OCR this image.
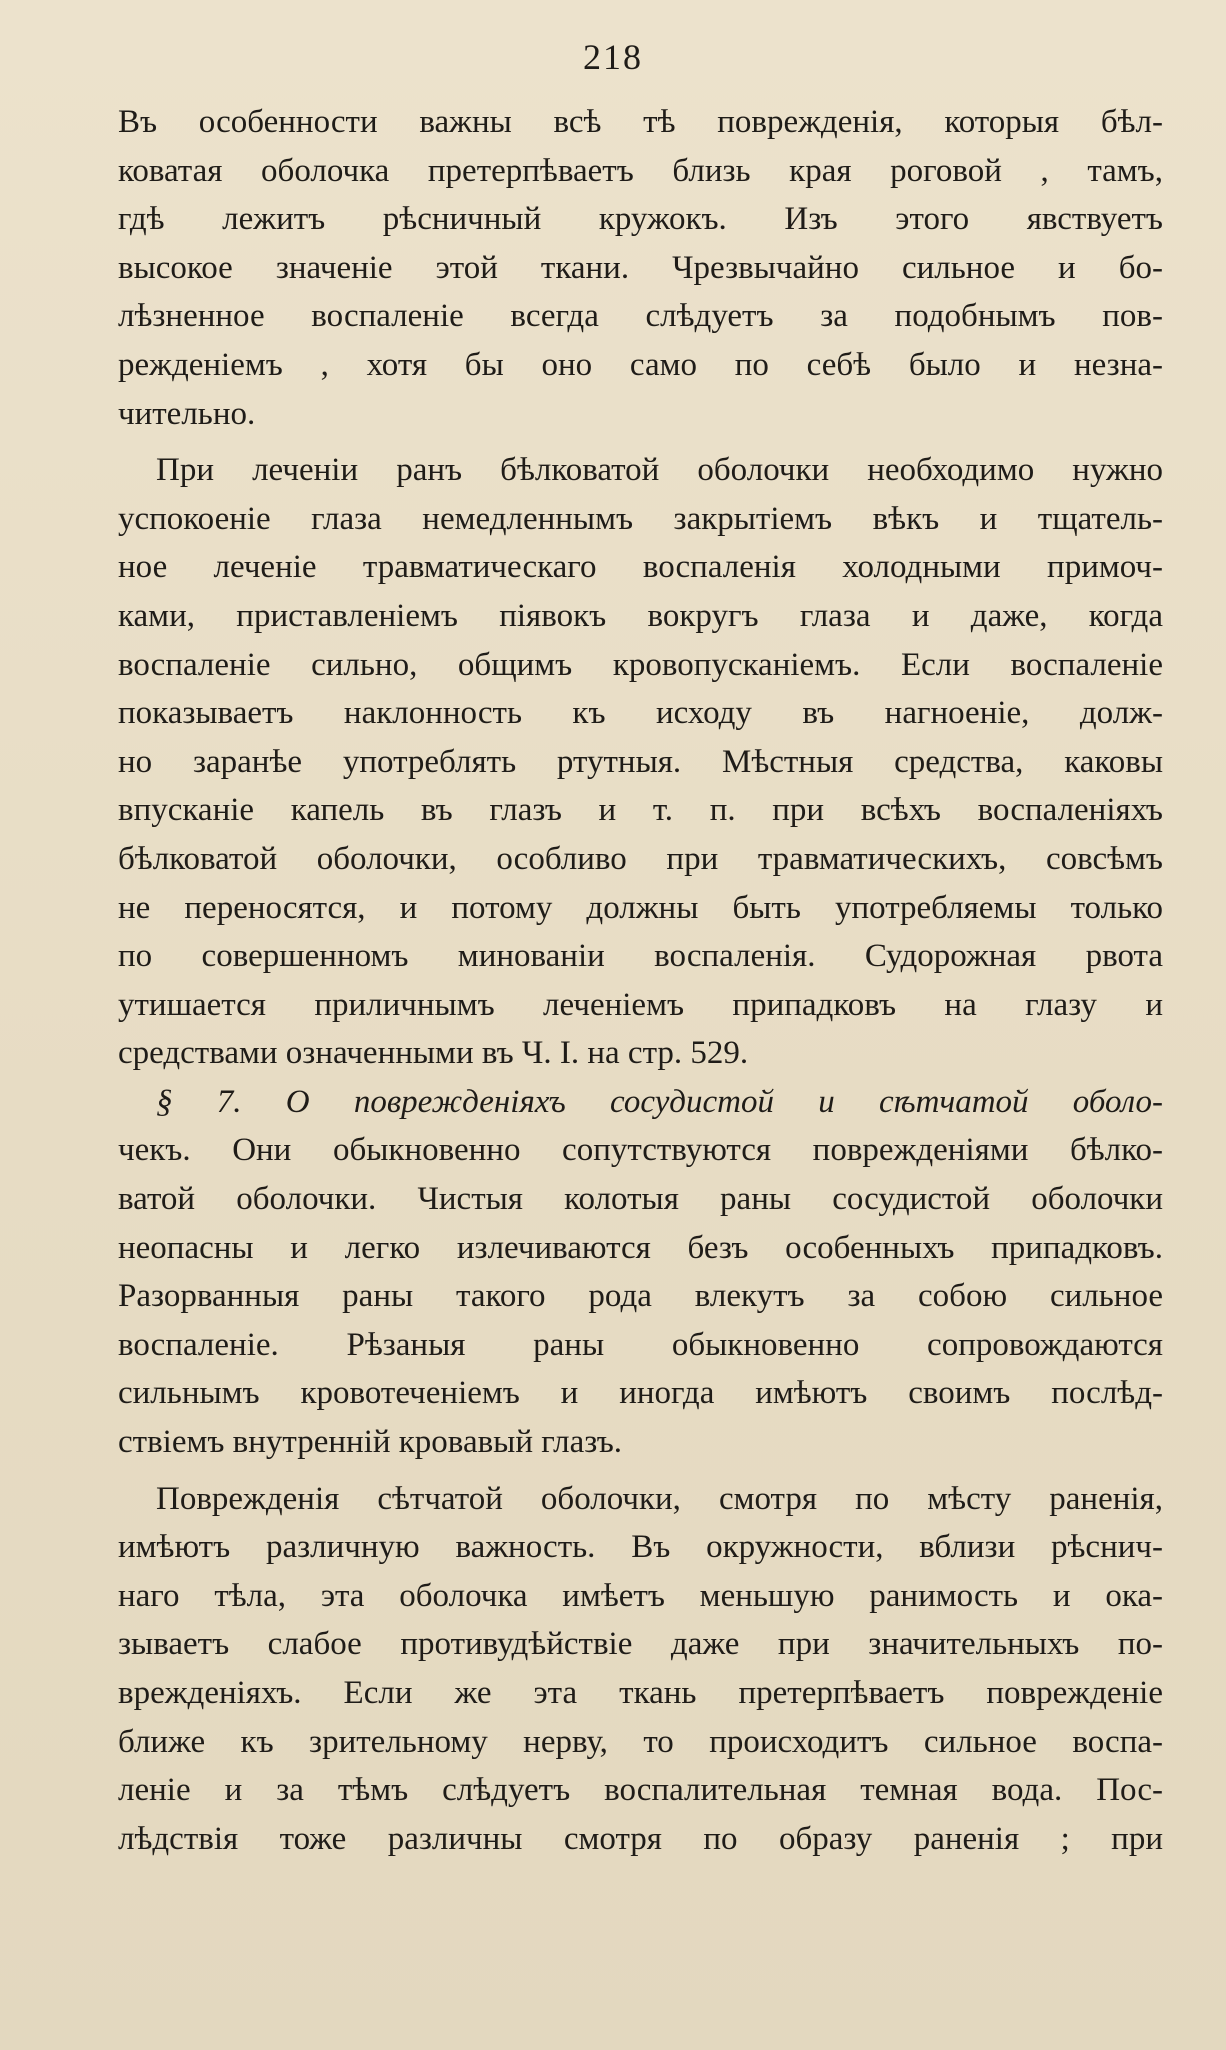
218
Въ особенности важны всѣ тѣ поврежденія, которыя бѣл-
коватая оболочка претерпѣваетъ близь края роговой , тамъ,
гдѣ лежитъ рѣсничный кружокъ. Изъ этого явствуетъ
высокое значеніе этой ткани. Чрезвычайно сильное и бо-
лѣзненное воспаленіе всегда слѣдуетъ за подобнымъ пов-
режденіемъ , хотя бы оно само по себѣ было и незна-
чительно.
При леченіи ранъ бѣлковатой оболочки необходимо нужно
успокоеніе глаза немедленнымъ закрытіемъ вѣкъ и тщатель-
ное леченіе травматическаго воспаленія холодными примоч-
ками, приставленіемъ піявокъ вокругъ глаза и даже, когда
воспаленіе сильно, общимъ кровопусканіемъ. Если воспаленіе
показываетъ наклонность къ исходу въ нагноеніе, долж-
но заранѣе употреблять ртутныя. Мѣстныя средства, каковы
впусканіе капель въ глазъ и т. п. при всѣхъ воспаленіяхъ
бѣлковатой оболочки, особливо при травматическихъ, совсѣмъ
не переносятся, и потому должны быть употребляемы только
по совершенномъ минованіи воспаленія. Судорожная рвота
утишается приличнымъ леченіемъ припадковъ на глазу и
средствами означенными въ Ч. I. на стр. 529.
§ 7. О поврежденіяхъ сосудистой и сѣтчатой оболо-
чекъ. Они обыкновенно сопутствуются поврежденіями бѣлко-
ватой оболочки. Чистыя колотыя раны сосудистой оболочки
неопасны и легко излечиваются безъ особенныхъ припадковъ.
Разорванныя раны такого рода влекутъ за собою сильное
воспаленіе. Рѣзаныя раны обыкновенно сопровождаются
сильнымъ кровотеченіемъ и иногда имѣютъ своимъ послѣд-
ствіемъ внутренній кровавый глазъ.
Поврежденія сѣтчатой оболочки, смотря по мѣсту раненія,
имѣютъ различную важность. Въ окружности, вблизи рѣснич-
наго тѣла, эта оболочка имѣетъ меньшую ранимость и ока-
зываетъ слабое противудѣйствіе даже при значительныхъ по-
врежденіяхъ. Если же эта ткань претерпѣваетъ поврежденіе
ближе къ зрительному нерву, то происходитъ сильное воспа-
леніе и за тѣмъ слѣдуетъ воспалительная темная вода. Пос-
лѣдствія тоже различны смотря по образу раненія ; при
